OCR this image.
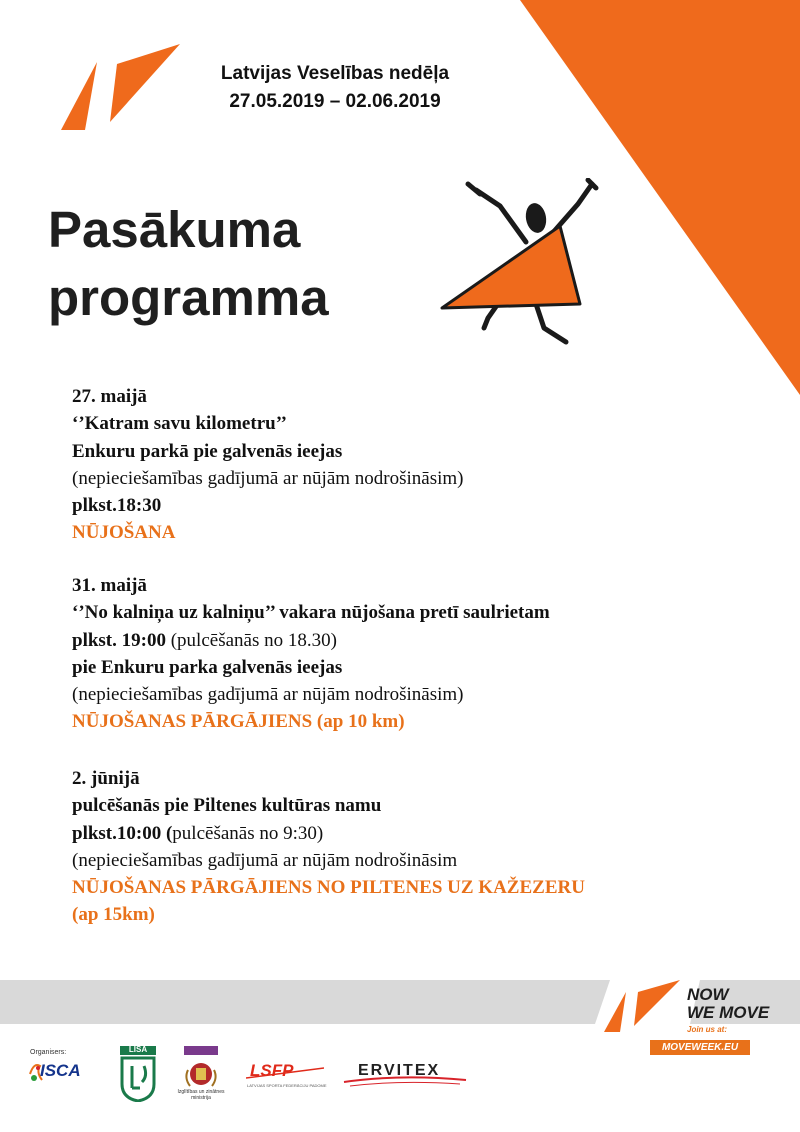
Latvijas Veselības nedēļa
27.05.2019 – 02.06.2019
Pasākuma
programma
27. maijā
‘’Katram savu kilometru’’
Enkuru parkā pie galvenās ieejas
(nepieciešamības gadījumā ar nūjām nodrošināsim)
plkst.18:30
NŪJOŠANA
31. maijā
‘’No kalniņa uz kalniņu’’ vakara nūjošana pretī saulrietam
plkst. 19:00 (pulcēšanās no 18.30)
pie Enkuru parka galvenās ieejas
(nepieciešamības gadījumā ar nūjām nodrošināsim)
NŪJOŠANAS PĀRGĀJIENS (ap 10 km)
2. jūnijā
pulcēšanās pie Piltenes kultūras namu
plkst.10:00 (pulcēšanās no 9:30)
(nepieciešamības gadījumā ar nūjām nodrošināsim
NŪJOŠANAS PĀRGĀJIENS NO PILTENES UZ KAŽEZERU
(ap 15km)
NOW
WE MOVE
Join us at:
MOVEWEEK.EU
Organisers:
ISCA
LISA
Izglītības un zinātnes ministrija
LSFP
LATVIJAS SPORTA FEDERĀCIJU PADOME
ERVITEX
